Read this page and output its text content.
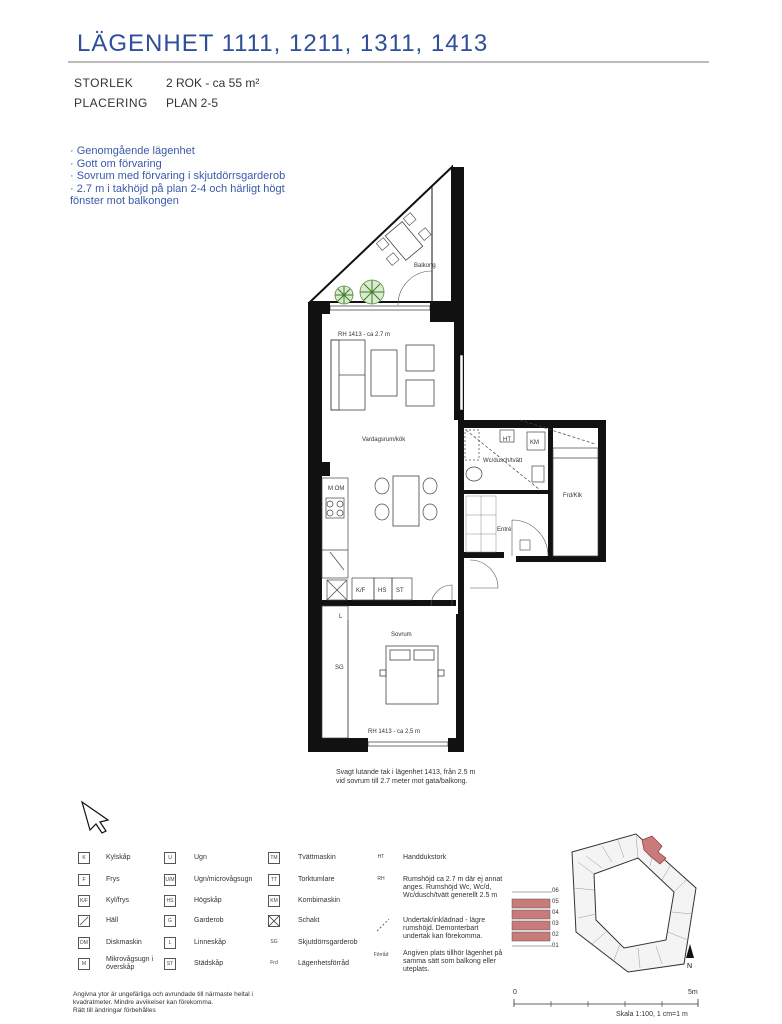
LÄGENHET 1111, 1211, 1311, 1413
STORLEK	2 ROK - ca 55 m²
PLACERING PLAN 2-5
· Genomgående lägenhet
· Gott om förvaring
· Sovrum med förvaring i skjutdörrsgarderob
· 2.7 m i takhöjd på plan 2-4 och härligt högt
fönster mot balkongen
Balkong
RH 1413 - ca 2.7 m
Vardagsrum/kök
M OM
HT	KM
Wc/dusch/tvätt
Frd/Klk
Entré
K/F HS ST
L
SG
Sovrum
RH 1413 - ca 2.5 m
Svagt lutande tak i lägenhet 1413, från 2.5 m
vid sovrum till 2.7 meter mot gata/balkong.
K	Kylskåp
F	Frys
K/F	Kyl/frys
Häll
DM	Diskmaskin
M
Mikrovågsugn i överskåp
U	Ugn
U/M	Ugn/microvågsugn
HS	Högskåp
G	Garderob
L	Linneskåp
ST	Städskåp
TM	Tvättmaskin
TT	Torktumlare
KM	Kombimaskin
Schakt
SG	Skjutdörrsgarderob
Frd	Lägenhetsförråd
HT	Handdukstork
RH	Rumshöjd ca 2.7 m där ej annat anges. Rumshöjd Wc, Wc/d, Wc/dusch/tvätt generellt 2.5 m
Undertak/inklädnad - lägre rumshöjd. Demonterbart undertak kan förekomma.
Förråd Angiven plats tillhör lägenhet på samma sätt som balkong eller uteplats.
06
05
04
03
02
01
N
Angivna ytor är ungefärliga och avrundade till närmaste heltal i
kvadratmeter. Mindre avvikelser kan förekomma.
Rätt till ändringar förbehålles
0	5m
Skala 1:100, 1 cm=1 m
